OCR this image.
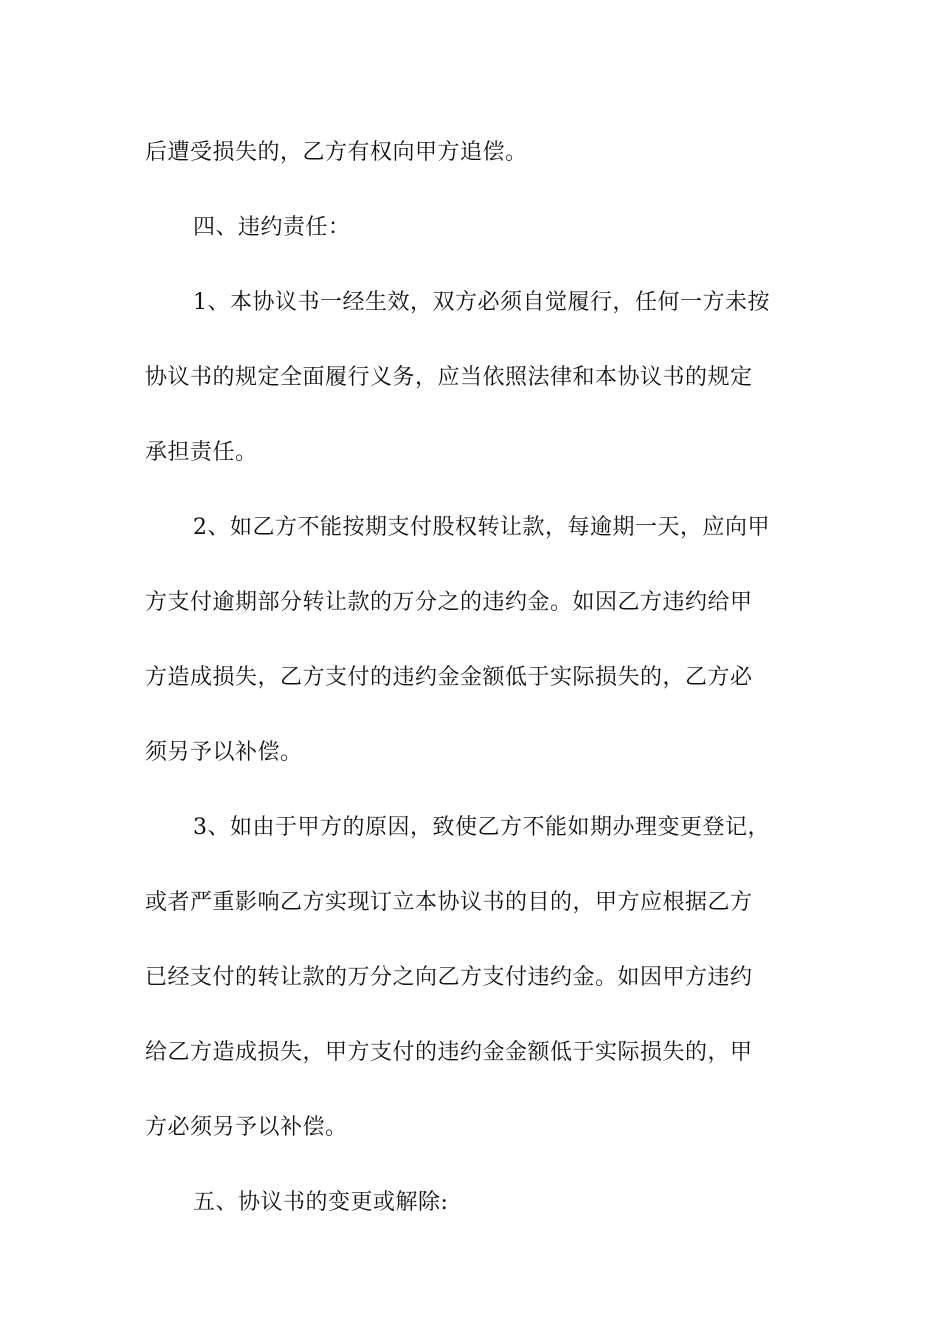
后遭受损失的，乙方有权向甲方追偿。
四、违约责任：
1、本协议书一经生效，双方必须自觉履行，任何一方未按
协议书的规定全面履行义务，应当依照法律和本协议书的规定
承担责任。
2、如乙方不能按期支付股权转让款，每逾期一天，应向甲
方支付逾期部分转让款的万分之的违约金。如因乙方违约给甲
方造成损失，乙方支付的违约金金额低于实际损失的，乙方必
须另予以补偿。
3、如由于甲方的原因，致使乙方不能如期办理变更登记，
或者严重影响乙方实现订立本协议书的目的，甲方应根据乙方
已经支付的转让款的万分之向乙方支付违约金。如因甲方违约
给乙方造成损失，甲方支付的违约金金额低于实际损失的，甲
方必须另予以补偿。
五、协议书的变更或解除:
